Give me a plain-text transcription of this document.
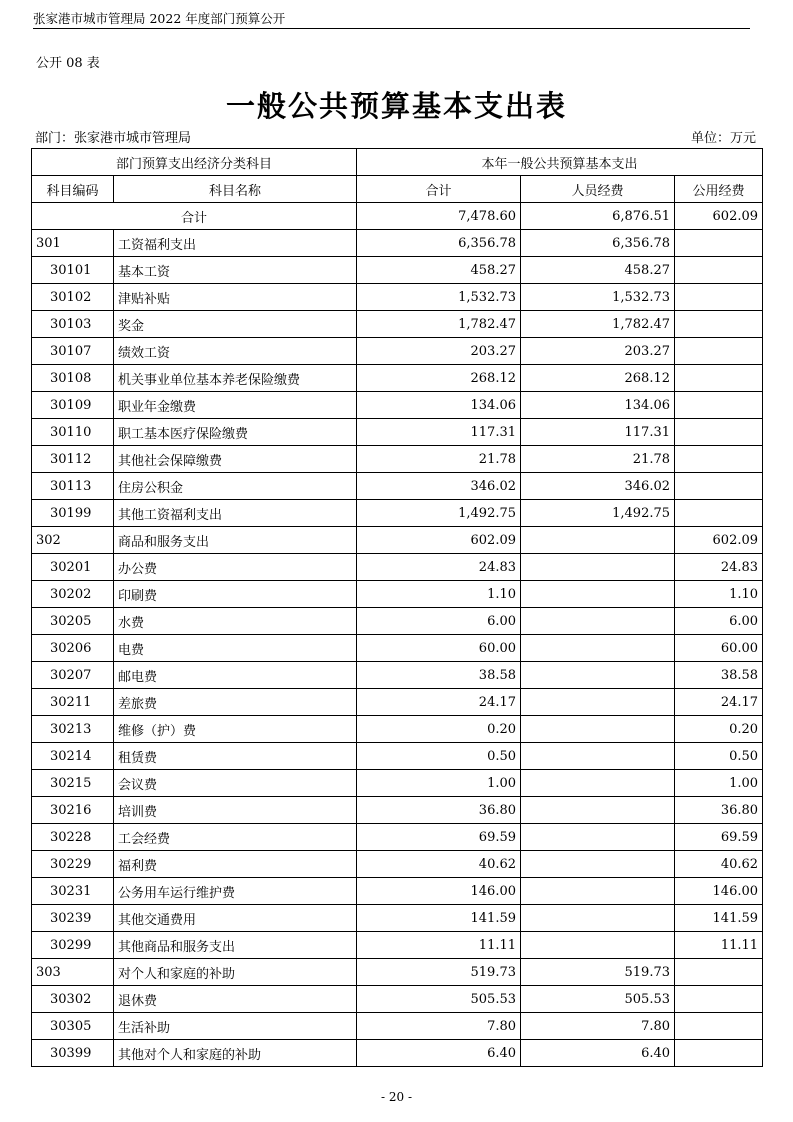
张家港市城市管理局 2022 年度部门预算公开
公开 08 表
一般公共预算基本支出表
部门：张家港市城市管理局	单位：万元
部门预算支出经济分类科目		本年一般公共预算基本支出		
科目编码	科目名称	合计	人员经费	公用经费
合计		7,478.60	6,876.51	602.09
301	工资福利支出	6,356.78	6,356.78	
30101	基本工资	458.27	458.27	
30102	津贴补贴	1,532.73	1,532.73	
30103	奖金	1,782.47	1,782.47	
30107	绩效工资	203.27	203.27	
30108	机关事业单位基本养老保险缴费	268.12	268.12	
30109	职业年金缴费	134.06	134.06	
30110	职工基本医疗保险缴费	117.31	117.31	
30112	其他社会保障缴费	21.78	21.78	
30113	住房公积金	346.02	346.02	
30199	其他工资福利支出	1,492.75	1,492.75	
302	商品和服务支出	602.09		602.09
30201	办公费	24.83		24.83
30202	印刷费	1.10		1.10
30205	水费	6.00		6.00
30206	电费	60.00		60.00
30207	邮电费	38.58		38.58
30211	差旅费	24.17		24.17
30213	维修（护）费	0.20		0.20
30214	租赁费	0.50		0.50
30215	会议费	1.00		1.00
30216	培训费	36.80		36.80
30228	工会经费	69.59		69.59
30229	福利费	40.62		40.62
30231	公务用车运行维护费	146.00		146.00
30239	其他交通费用	141.59		141.59
30299	其他商品和服务支出	11.11		11.11
303	对个人和家庭的补助	519.73	519.73	
30302	退休费	505.53	505.53	
30305	生活补助	7.80	7.80	
30399	其他对个人和家庭的补助	6.40	6.40	
- 20 -
